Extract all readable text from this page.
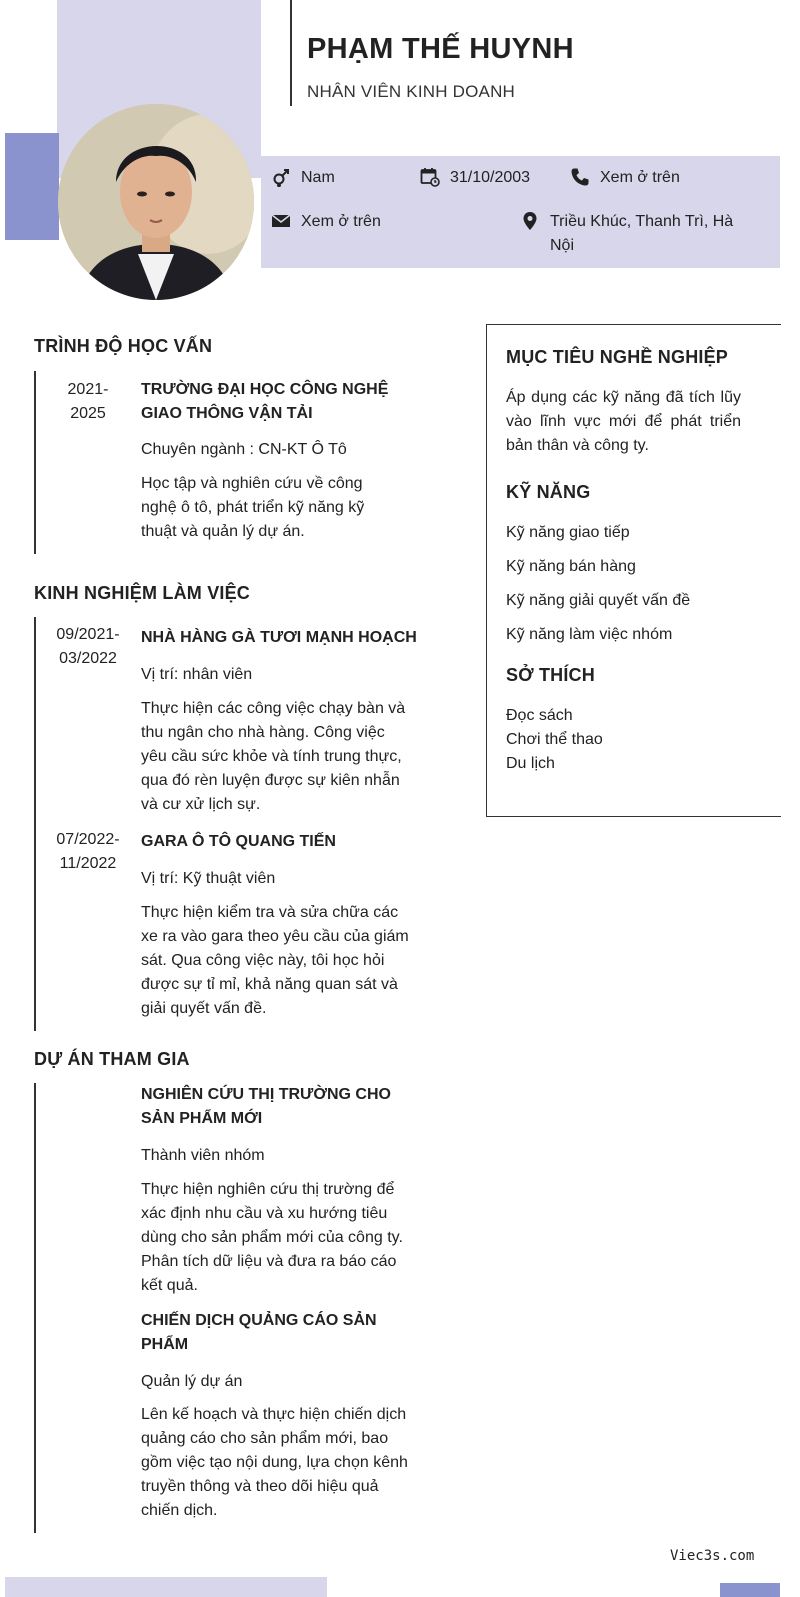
PHẠM THẾ HUYNH
NHÂN VIÊN KINH DOANH
Nam	31/10/2003	Xem ở trên
Xem ở trên	Triều Khúc, Thanh Trì, Hà Nội
TRÌNH ĐỘ HỌC VẤN
2021-
2025
TRƯỜNG ĐẠI HỌC CÔNG NGHỆ GIAO THÔNG VẬN TẢI
Chuyên ngành : CN-KT Ô Tô
Học tập và nghiên cứu về công nghệ ô tô, phát triển kỹ năng kỹ thuật và quản lý dự án.
KINH NGHIỆM LÀM VIỆC
09/2021-
03/2022
NHÀ HÀNG GÀ TƯƠI MẠNH HOẠCH
Vị trí: nhân viên
Thực hiện các công việc chạy bàn và thu ngân cho nhà hàng. Công việc yêu cầu sức khỏe và tính trung thực, qua đó rèn luyện được sự kiên nhẫn và cư xử lịch sự.
07/2022-
11/2022
GARA Ô TÔ QUANG TIẾN
Vị trí: Kỹ thuật viên
Thực hiện kiểm tra và sửa chữa các xe ra vào gara theo yêu cầu của giám sát. Qua công việc này, tôi học hỏi được sự tỉ mỉ, khả năng quan sát và giải quyết vấn đề.
DỰ ÁN THAM GIA
NGHIÊN CỨU THỊ TRƯỜNG CHO SẢN PHẨM MỚI
Thành viên nhóm
Thực hiện nghiên cứu thị trường để xác định nhu cầu và xu hướng tiêu dùng cho sản phẩm mới của công ty. Phân tích dữ liệu và đưa ra báo cáo kết quả.
CHIẾN DỊCH QUẢNG CÁO SẢN PHẨM
Quản lý dự án
Lên kế hoạch và thực hiện chiến dịch quảng cáo cho sản phẩm mới, bao gồm việc tạo nội dung, lựa chọn kênh truyền thông và theo dõi hiệu quả chiến dịch.
MỤC TIÊU NGHỀ NGHIỆP
Áp dụng các kỹ năng đã tích lũy vào lĩnh vực mới để phát triển bản thân và công ty.
KỸ NĂNG
Kỹ năng giao tiếp
Kỹ năng bán hàng
Kỹ năng giải quyết vấn đề
Kỹ năng làm việc nhóm
SỞ THÍCH
Đọc sách
Chơi thể thao
Du lịch
Viec3s.com
